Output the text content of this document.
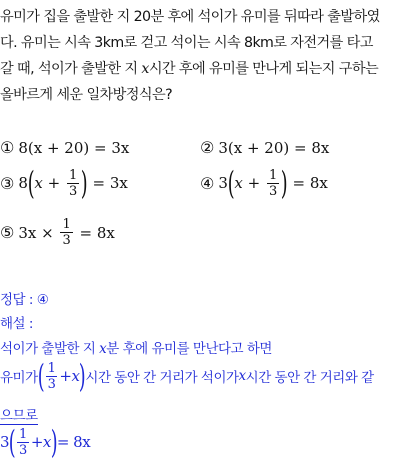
유미가 집을 출발한 지 20분 후에 석이가 유미를 뒤따라 출발하였
다. 유미는 시속 3km로 걷고 석이는 시속 8km로 자전거를 타고
갈 때, 석이가 출발한 지 x시간 후에 유미를 만나게 되는지 구하는
올바르게 세운 일차방정식은?
① 8(x + 20) = 3x	② 3(x + 20) = 8x
③ 8 ( x
+
$\frac{1}{3}$ )
= 3x	④ 3 ( x
+
$\frac{1}{3}$ )
= 8x
⑤ 3x ×
$\frac{1}{3}$
= 8x
정답 : ④
해설 :
석이가 출발한 지 x분 후에 유미를 만난다고 하면
유미가 ( $\frac{1}{3} + x$ ) 시간 동안 간 거리가 석이가 x 시간 동안 간 거리와 같
으므로
3 ( $\frac{1}{3} + x$ ) = 8x
